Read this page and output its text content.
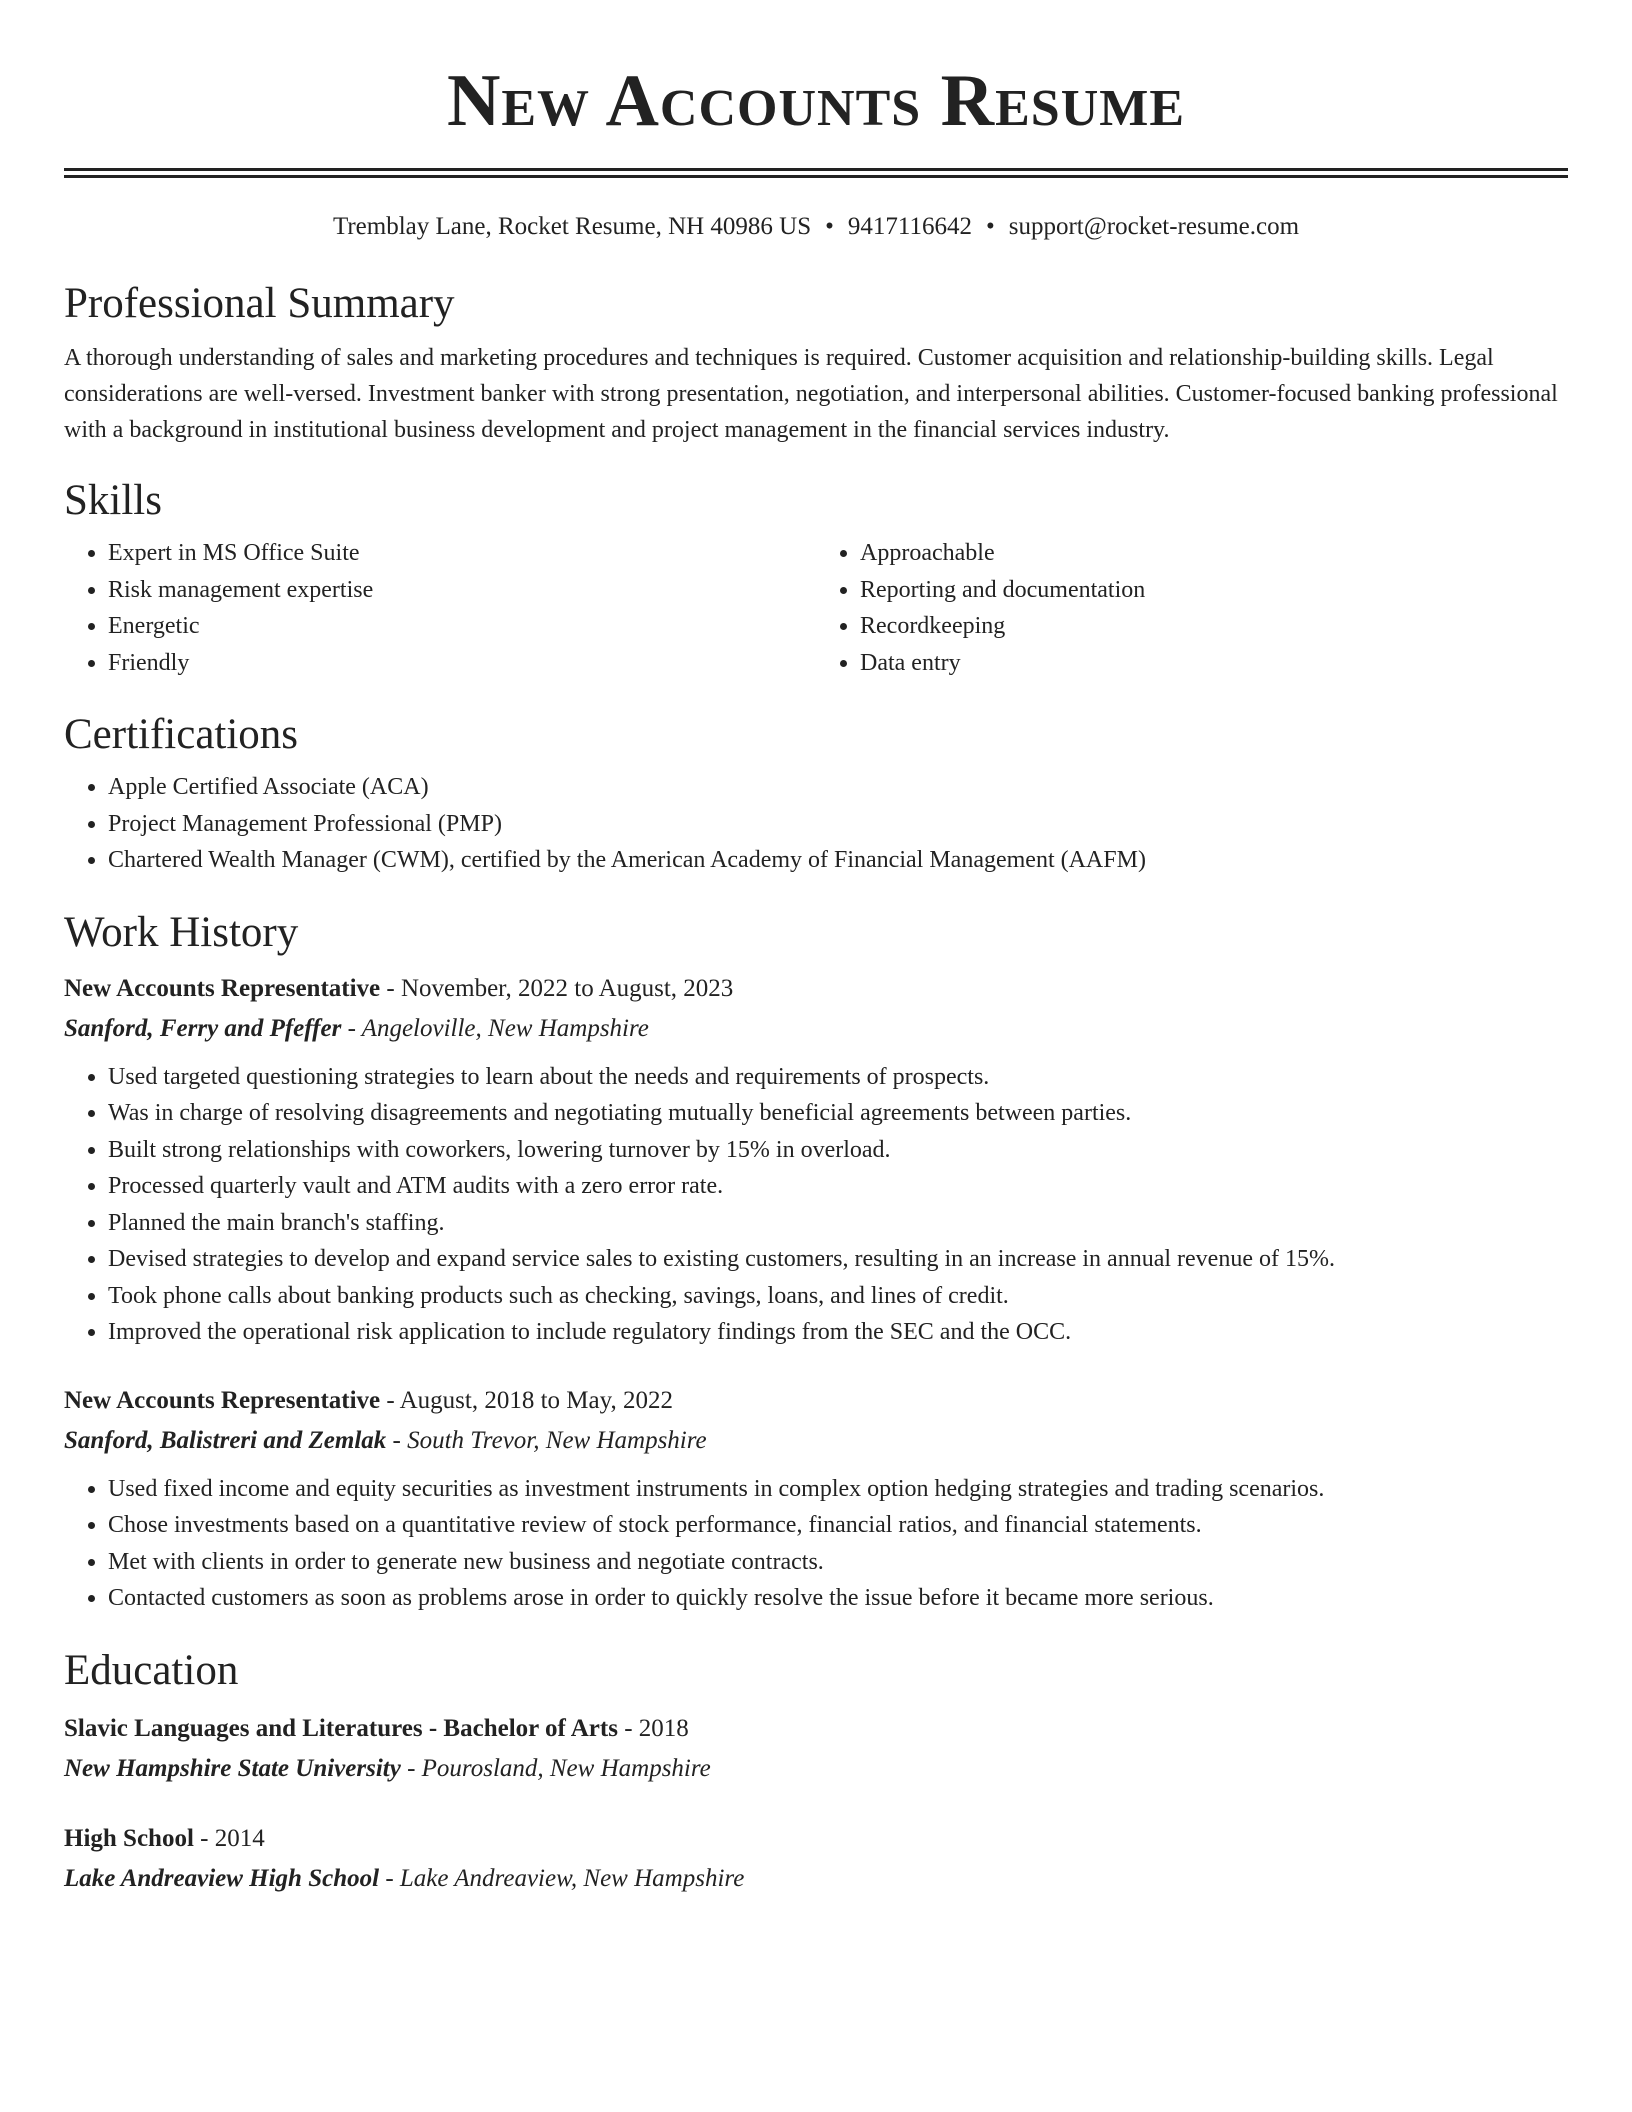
New Accounts Resume
Tremblay Lane, Rocket Resume, NH 40986 US • 9417116642 • support@rocket-resume.com
Professional Summary

A thorough understanding of sales and marketing procedures and techniques is required. Customer acquisition and relationship-building skills. Legal considerations are well-versed. Investment banker with strong presentation, negotiation, and interpersonal abilities. Customer-focused banking professional with a background in institutional business development and project management in the financial services industry.

Skills
• Expert in MS Office Suite
• Risk management expertise
• Energetic
• Friendly
• Approachable
• Reporting and documentation
• Recordkeeping
• Data entry
Certifications
• Apple Certified Associate (ACA)
• Project Management Professional (PMP)
• Chartered Wealth Manager (CWM), certified by the American Academy of Financial Management (AAFM)
Work History
New Accounts Representative - November, 2022 to August, 2023
Sanford, Ferry and Pfeffer - Angeloville, New Hampshire
• Used targeted questioning strategies to learn about the needs and requirements of prospects.
• Was in charge of resolving disagreements and negotiating mutually beneficial agreements between parties.
• Built strong relationships with coworkers, lowering turnover by 15% in overload.
• Processed quarterly vault and ATM audits with a zero error rate.
• Planned the main branch's staffing.
• Devised strategies to develop and expand service sales to existing customers, resulting in an increase in annual revenue of 15%.
• Took phone calls about banking products such as checking, savings, loans, and lines of credit.
• Improved the operational risk application to include regulatory findings from the SEC and the OCC.
New Accounts Representative - August, 2018 to May, 2022
Sanford, Balistreri and Zemlak - South Trevor, New Hampshire
• Used fixed income and equity securities as investment instruments in complex option hedging strategies and trading scenarios.
• Chose investments based on a quantitative review of stock performance, financial ratios, and financial statements.
• Met with clients in order to generate new business and negotiate contracts.
• Contacted customers as soon as problems arose in order to quickly resolve the issue before it became more serious.
Education
Slavic Languages and Literatures - Bachelor of Arts - 2018
New Hampshire State University - Pourosland, New Hampshire
High School - 2014
Lake Andreaview High School - Lake Andreaview, New Hampshire
